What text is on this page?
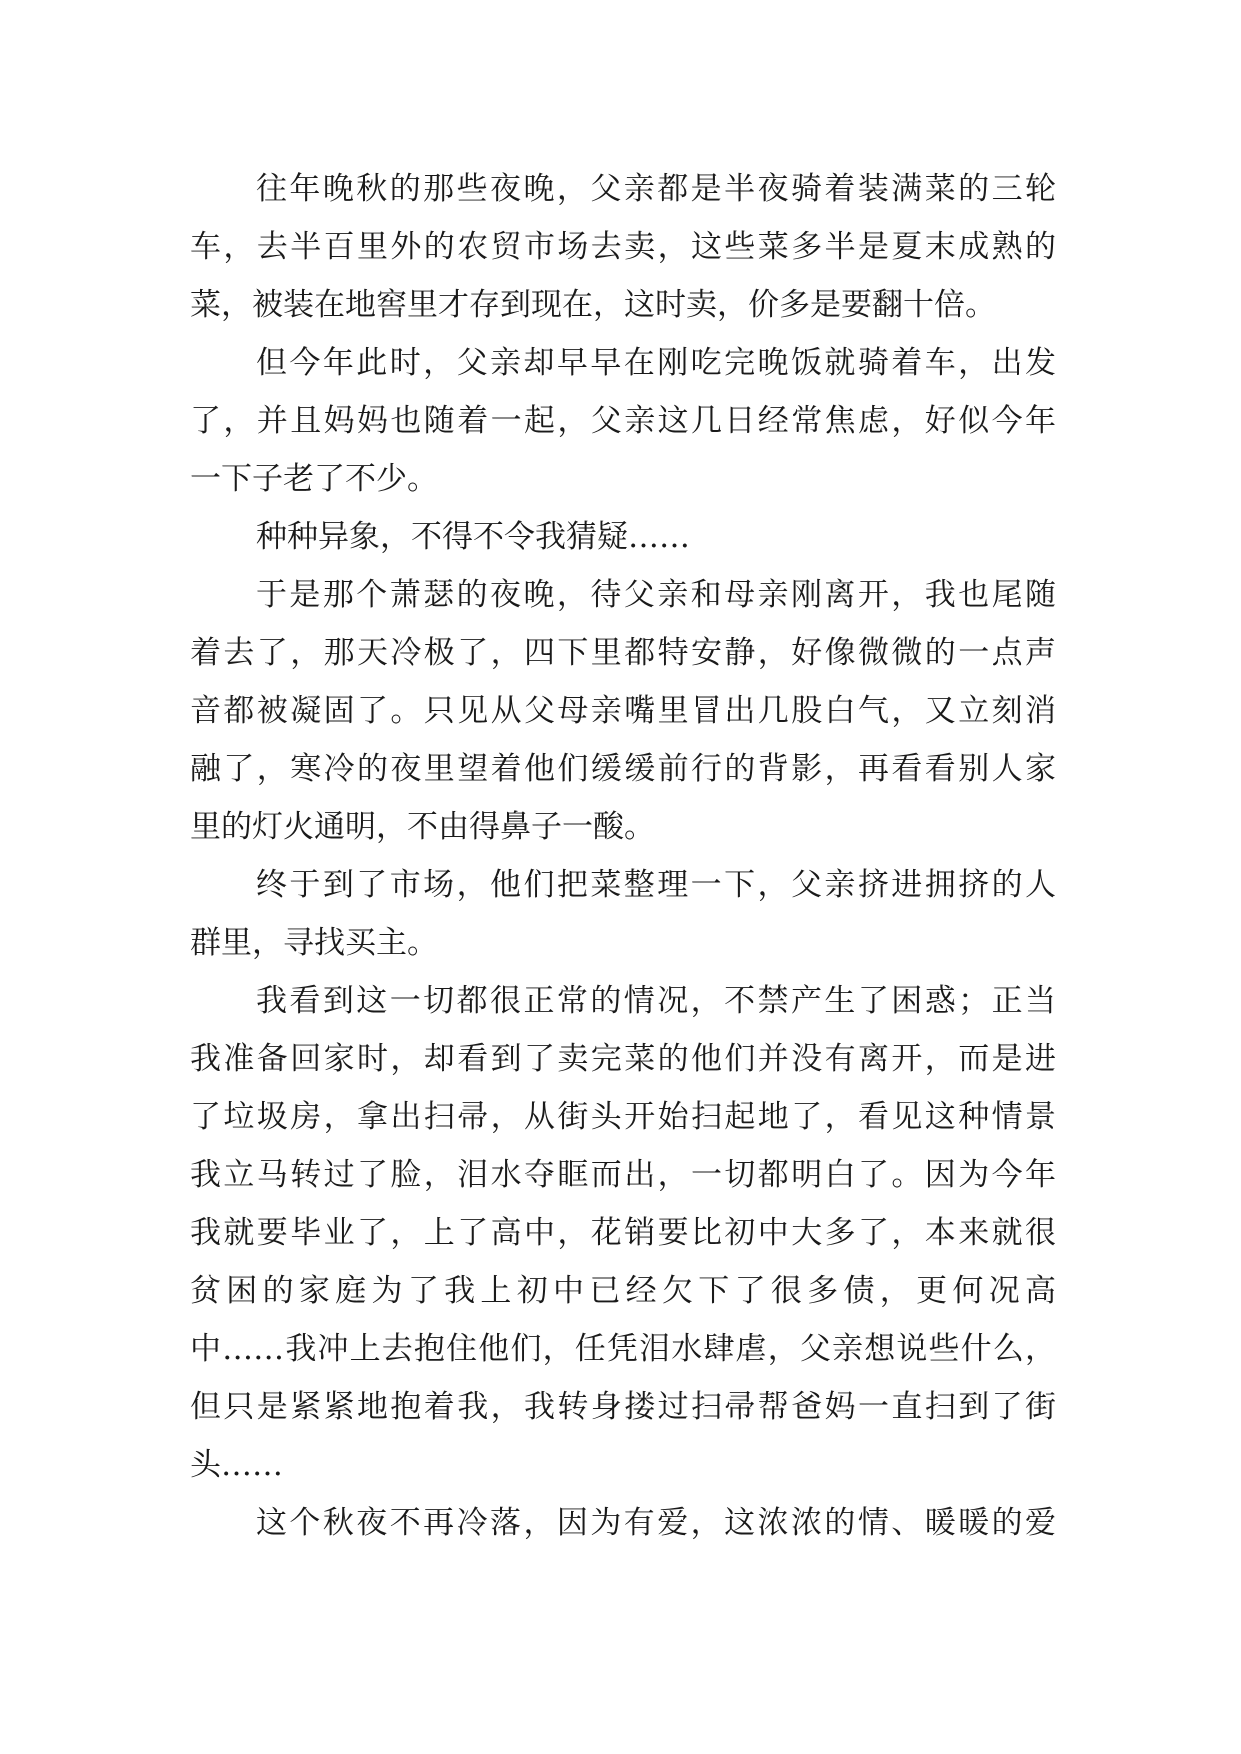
往年晚秋的那些夜晚，父亲都是半夜骑着装满菜的三轮
车，去半百里外的农贸市场去卖，这些菜多半是夏末成熟的
菜，被装在地窖里才存到现在，这时卖，价多是要翻十倍。
但今年此时，父亲却早早在刚吃完晚饭就骑着车，出发
了，并且妈妈也随着一起，父亲这几日经常焦虑，好似今年
一下子老了不少。
种种异象，不得不令我猜疑……
于是那个萧瑟的夜晚，待父亲和母亲刚离开，我也尾随
着去了，那天冷极了，四下里都特安静，好像微微的一点声
音都被凝固了。只见从父母亲嘴里冒出几股白气，又立刻消
融了，寒冷的夜里望着他们缓缓前行的背影，再看看别人家
里的灯火通明，不由得鼻子一酸。
终于到了市场，他们把菜整理一下，父亲挤进拥挤的人
群里，寻找买主。
我看到这一切都很正常的情况，不禁产生了困惑；正当
我准备回家时，却看到了卖完菜的他们并没有离开，而是进
了垃圾房，拿出扫帚，从街头开始扫起地了，看见这种情景
我立马转过了脸，泪水夺眶而出，一切都明白了。因为今年
我就要毕业了，上了高中，花销要比初中大多了，本来就很
贫困的家庭为了我上初中已经欠下了很多债，更何况高
中……我冲上去抱住他们，任凭泪水肆虐，父亲想说些什么，
但只是紧紧地抱着我，我转身搂过扫帚帮爸妈一直扫到了街
头……
这个秋夜不再冷落，因为有爱，这浓浓的情、暖暖的爱
